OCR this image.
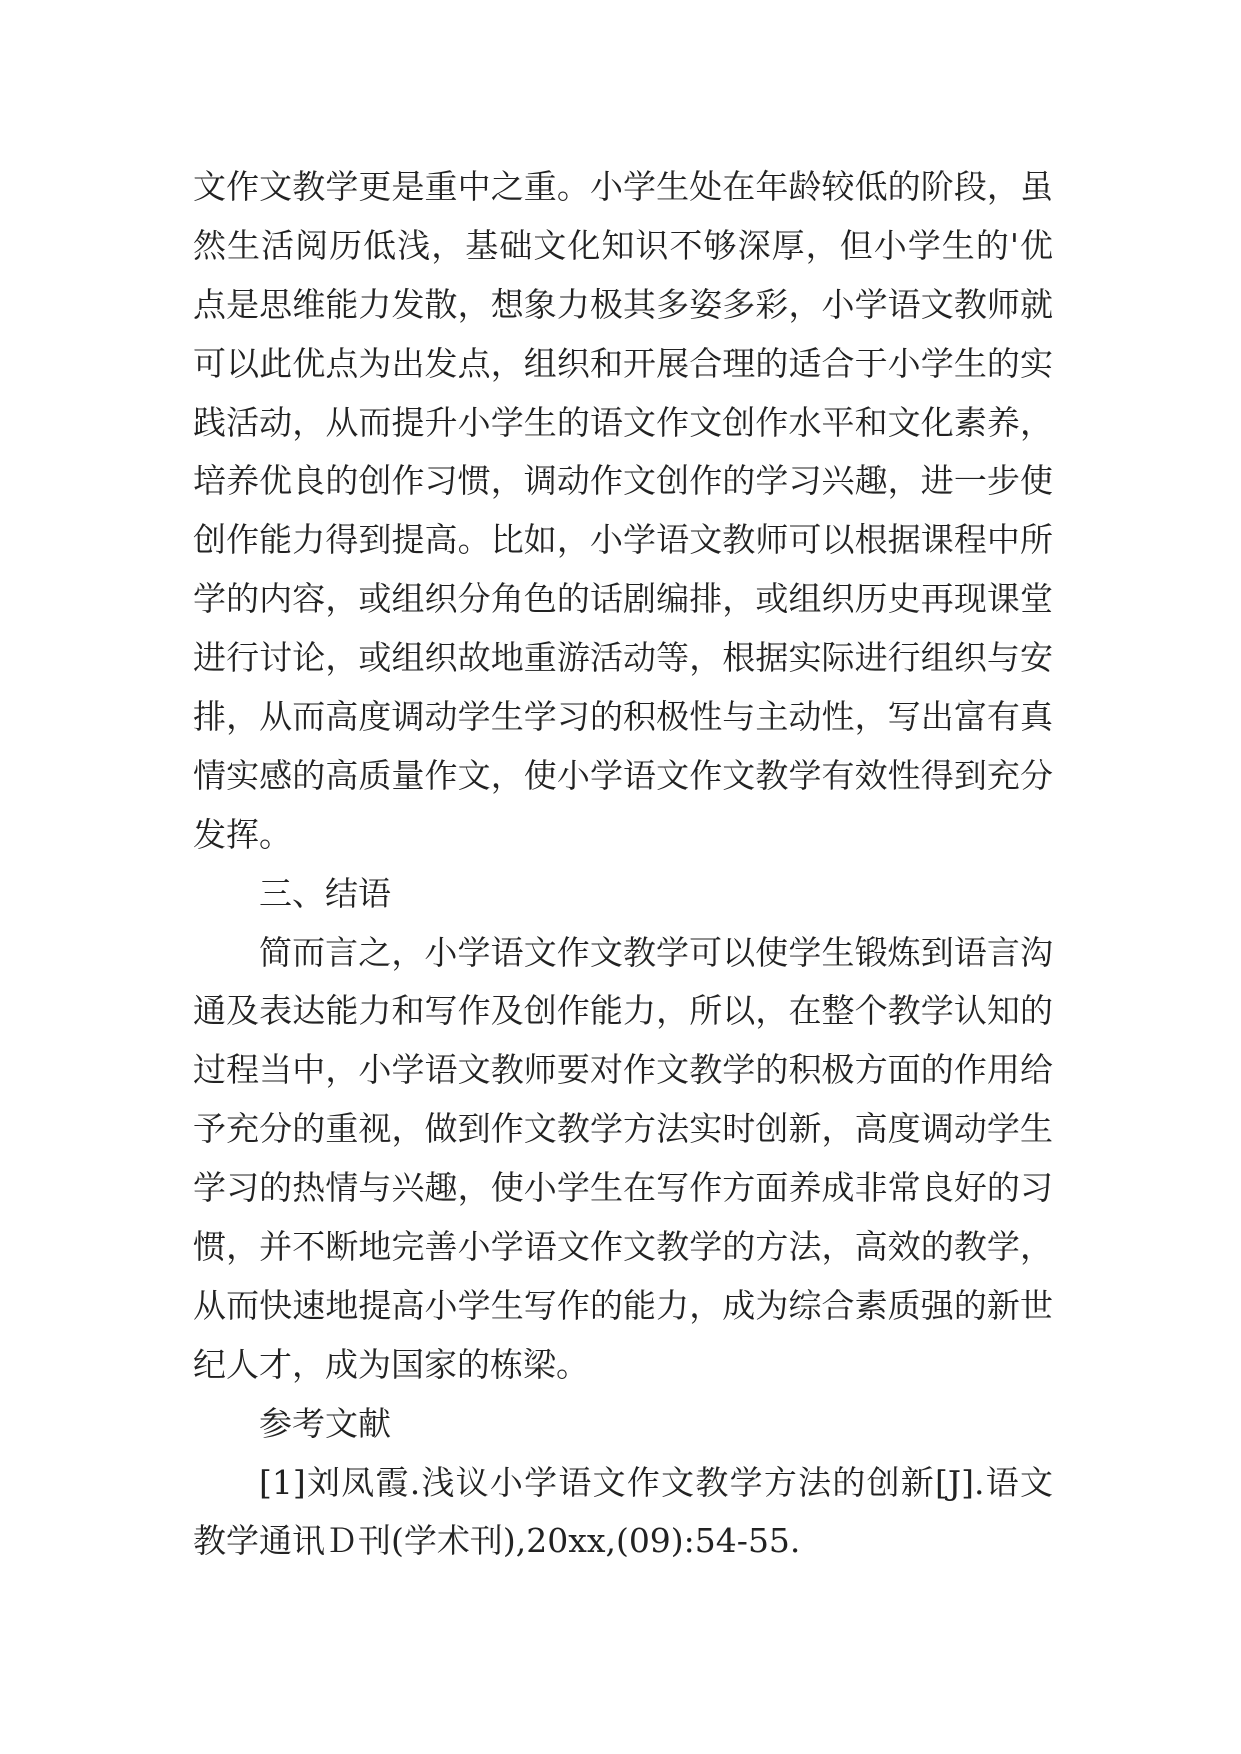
文作文教学更是重中之重。小学生处在年龄较低的阶段，虽
然生活阅历低浅，基础文化知识不够深厚，但小学生的'优
点是思维能力发散，想象力极其多姿多彩，小学语文教师就
可以此优点为出发点，组织和开展合理的适合于小学生的实
践活动，从而提升小学生的语文作文创作水平和文化素养，
培养优良的创作习惯，调动作文创作的学习兴趣，进一步使
创作能力得到提高。比如，小学语文教师可以根据课程中所
学的内容，或组织分角色的话剧编排，或组织历史再现课堂
进行讨论，或组织故地重游活动等，根据实际进行组织与安
排，从而高度调动学生学习的积极性与主动性，写出富有真
情实感的高质量作文，使小学语文作文教学有效性得到充分
发挥。
三、结语
简而言之，小学语文作文教学可以使学生锻炼到语言沟
通及表达能力和写作及创作能力，所以，在整个教学认知的
过程当中，小学语文教师要对作文教学的积极方面的作用给
予充分的重视，做到作文教学方法实时创新，高度调动学生
学习的热情与兴趣，使小学生在写作方面养成非常良好的习
惯，并不断地完善小学语文作文教学的方法，高效的教学，
从而快速地提高小学生写作的能力，成为综合素质强的新世
纪人才，成为国家的栋梁。
参考文献
[1]刘凤霞.浅议小学语文作文教学方法的创新[J].语文
教学通讯Ｄ刊(学术刊),20xx,(09):54-55.
